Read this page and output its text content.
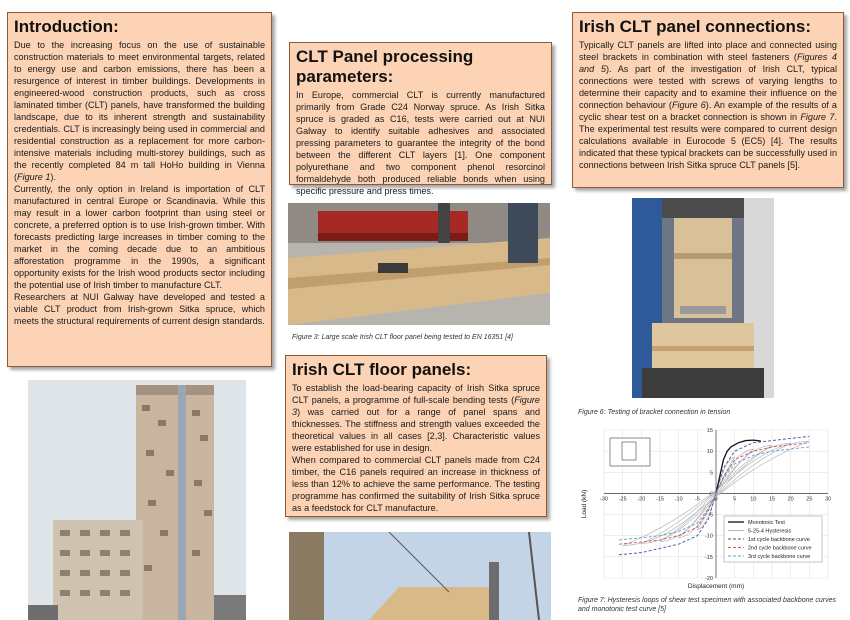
Introduction:

Due to the increasing focus on the use of sustainable construction materials to meet environmental targets, related to energy use and carbon emissions, there has been a resurgence of interest in timber buildings. Developments in engineered-wood construction products, such as cross laminated timber (CLT) panels, have transformed the building landscape, due to its inherent strength and sustainability credentials. CLT is increasingly being used in commercial and residential construction as a replacement for more carbon-intensive materials including multi-storey buildings, such as the recently completed 84 m tall HoHo building in Vienna (Figure 1).

Currently, the only option in Ireland is importation of CLT manufactured in central Europe or Scandinavia. While this may result in a lower carbon footprint than using steel or concrete, a preferred option is to use Irish-grown timber. With forecasts predicting large increases in timber coming to the market in the coming decade due to an ambitious afforestation programme in the 1990s, a significant opportunity exists for the Irish wood products sector including the potential use of Irish timber to manufacture CLT.

Researchers at NUI Galway have developed and tested a viable CLT product from Irish-grown Sitka spruce, which meets the structural requirements of current design standards.

CLT Panel processing parameters:

In Europe, commercial CLT is currently manufactured primarily from Grade C24 Norway spruce. As Irish Sitka spruce is graded as C16, tests were carried out at NUI Galway to identify suitable adhesives and associated pressing parameters to guarantee the integrity of the bond between the different CLT layers [1]. One component polyurethane and two component phenol resorcinol formaldehyde both produced reliable bonds when using specific pressure and press times.

Figure 3: Large scale Irish CLT floor panel being tested to EN 16351 [4]
Irish CLT floor panels:

To establish the load-bearing capacity of Irish Sitka spruce CLT panels, a programme of full-scale bending tests (Figure 3) was carried out for a range of panel spans and thicknesses. The stiffness and strength values exceeded the theoretical values in all cases [2,3]. Characteristic values were established for use in design.

When compared to commercial CLT panels made from C24 timber, the C16 panels required an increase in thickness of less than 12% to achieve the same performance. The testing programme has confirmed the suitability of Irish Sitka spruce as a feedstock for CLT manufacture.

Irish CLT panel connections:

Typically CLT panels are lifted into place and connected using steel brackets in combination with steel fasteners (Figures 4 and 5). As part of the investigation of Irish CLT, typical connections were tested with screws of varying lengths to determine their capacity and to examine their influence on the connection behaviour (Figure 6). An example of the results of a cyclic shear test on a bracket connection is shown in Figure 7. The experimental test results were compared to current design calculations available in Eurocode 5 (EC5) [4]. The results indicated that these typical brackets can be successfully used in connections between Irish Sitka spruce CLT panels [5].

Figure 6: Testing of bracket connection in tension
-30 -25 -20 -15 -10 -5	0	5	10 15 20 25 30
15
10
5
0
-5
-10
-15
-20
Displacement (mm)
Load (kN)
Monotonic Test
5-25-4 Hysteresis
1st cycle backbone curve
2nd cycle backbone curve
3rd cycle backbone curve
Figure 7: Hysteresis loops of shear test specimen with associated backbone curves and monotonic test curve [5]
